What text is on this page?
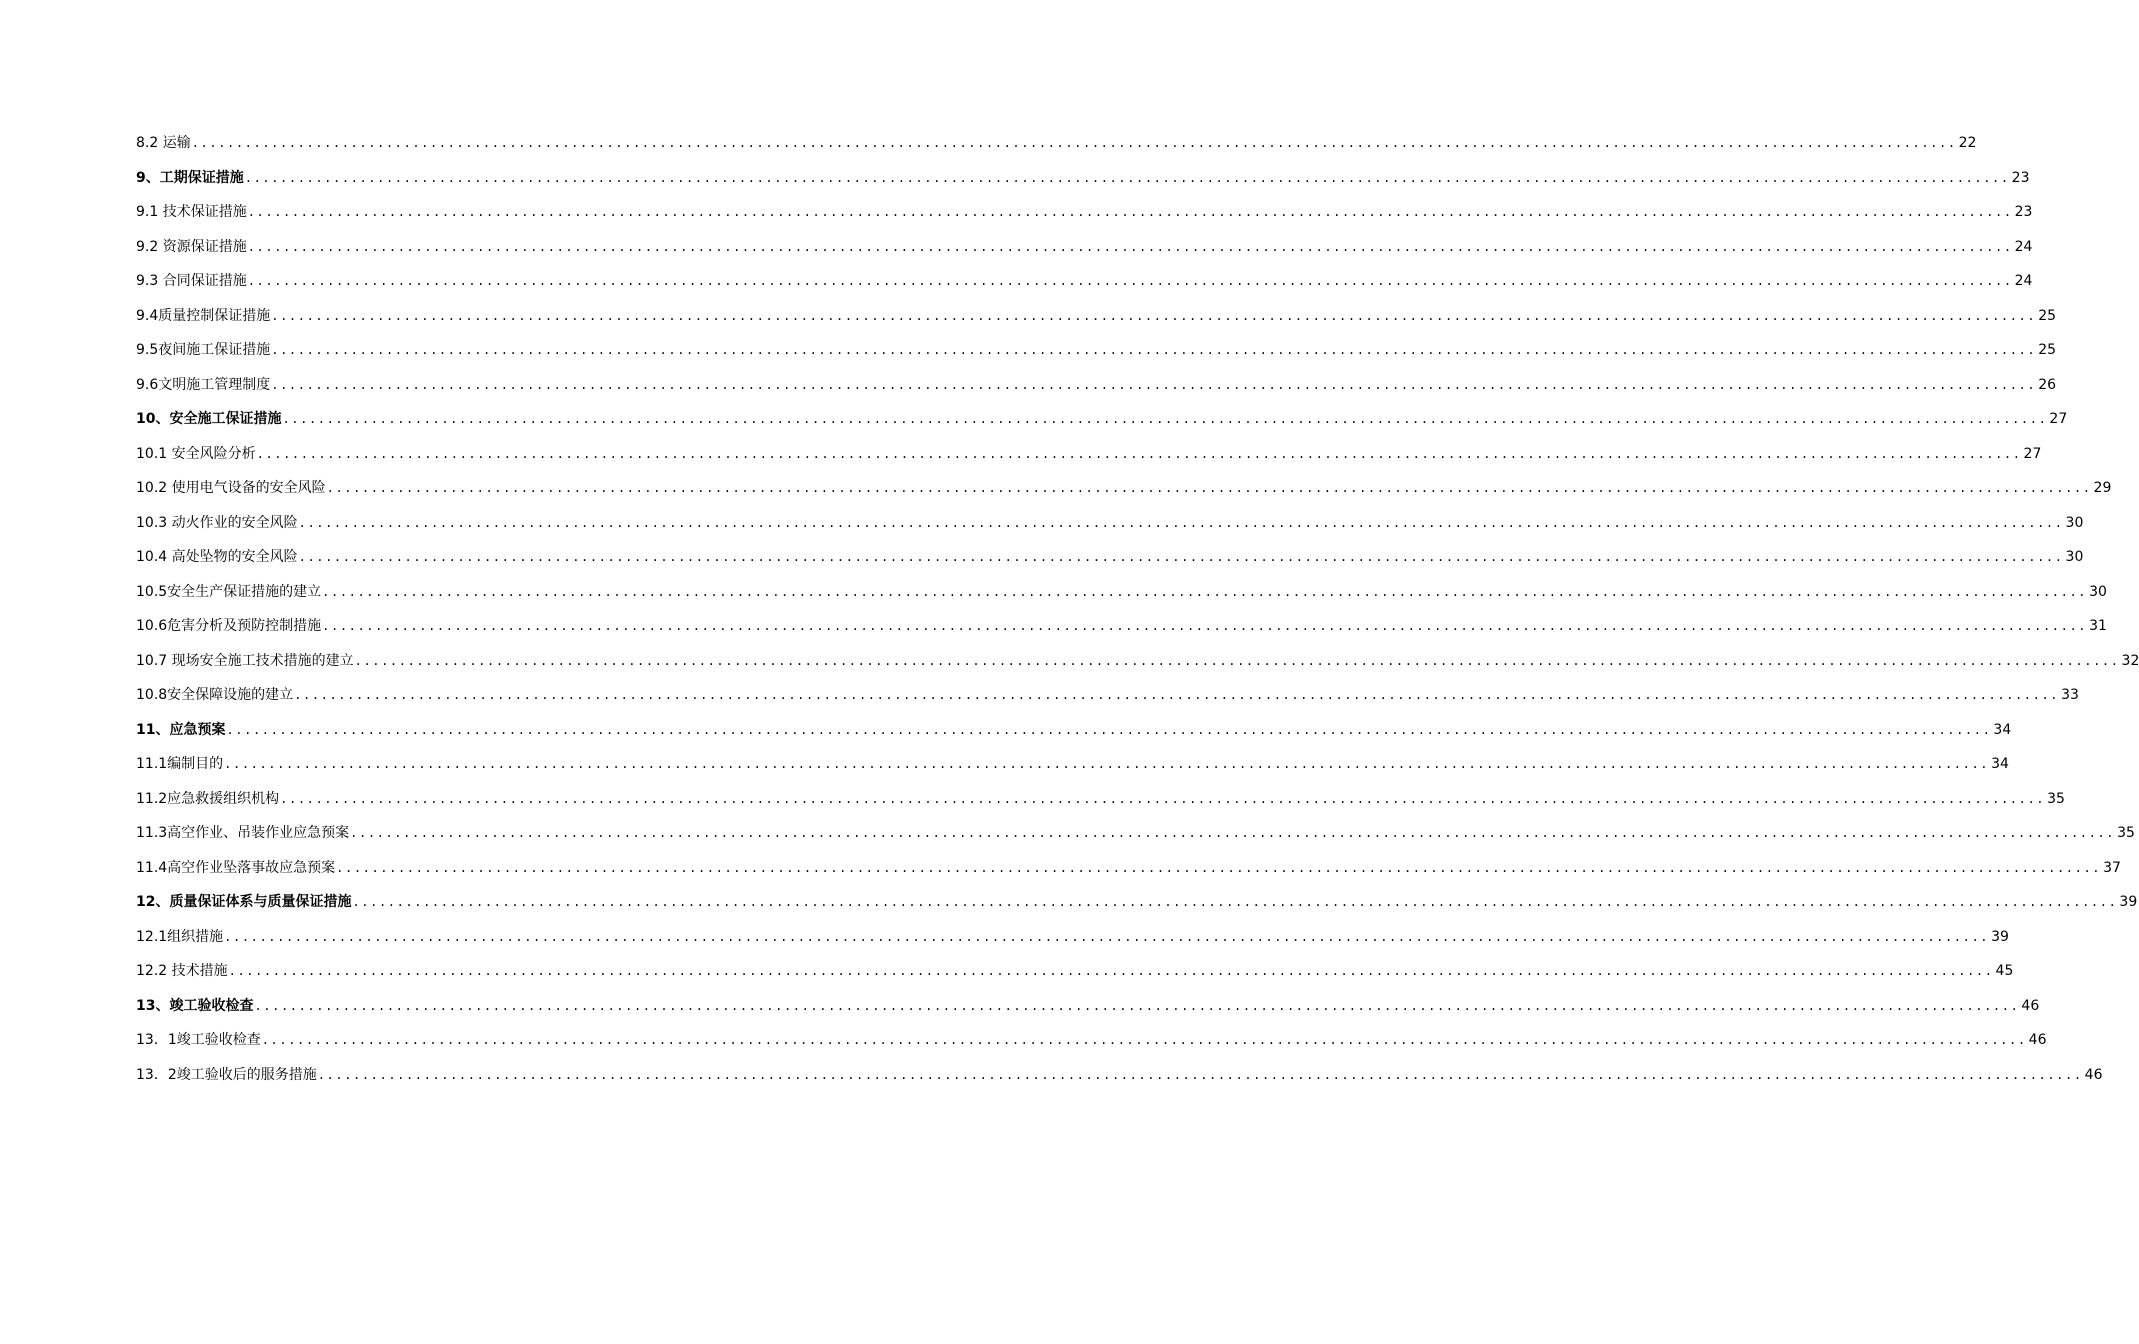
8.2 运输 ........................................................................................................................................................................................................ 22
9、工期保证措施 ........................................................................................................................................................................................................ 23
9.1 技术保证措施 ........................................................................................................................................................................................................ 23
9.2 资源保证措施 ........................................................................................................................................................................................................ 24
9.3 合同保证措施 ........................................................................................................................................................................................................ 24
9.4质量控制保证措施 ........................................................................................................................................................................................................ 25
9.5夜间施工保证措施 ........................................................................................................................................................................................................ 25
9.6文明施工管理制度 ........................................................................................................................................................................................................ 26
10、安全施工保证措施 ........................................................................................................................................................................................................ 27
10.1 安全风险分析 ........................................................................................................................................................................................................ 27
10.2 使用电气设备的安全风险 ........................................................................................................................................................................................................ 29
10.3 动火作业的安全风险 ........................................................................................................................................................................................................ 30
10.4 高处坠物的安全风险 ........................................................................................................................................................................................................ 30
10.5安全生产保证措施的建立 ........................................................................................................................................................................................................ 30
10.6危害分析及预防控制措施 ........................................................................................................................................................................................................ 31
10.7 现场安全施工技术措施的建立 ........................................................................................................................................................................................................ 32
10.8安全保障设施的建立 ........................................................................................................................................................................................................ 33
11、应急预案 ........................................................................................................................................................................................................ 34
11.1编制目的 ........................................................................................................................................................................................................ 34
11.2应急救援组织机构 ........................................................................................................................................................................................................ 35
11.3高空作业、吊装作业应急预案 ........................................................................................................................................................................................................ 35
11.4高空作业坠落事故应急预案 ........................................................................................................................................................................................................ 37
12、质量保证体系与质量保证措施 ........................................................................................................................................................................................................ 39
12.1组织措施 ........................................................................................................................................................................................................ 39
12.2 技术措施 ........................................................................................................................................................................................................ 45
13、竣工验收检查 ........................................................................................................................................................................................................ 46
13．1竣工验收检查 ........................................................................................................................................................................................................ 46
13．2竣工验收后的服务措施 ........................................................................................................................................................................................................ 46
